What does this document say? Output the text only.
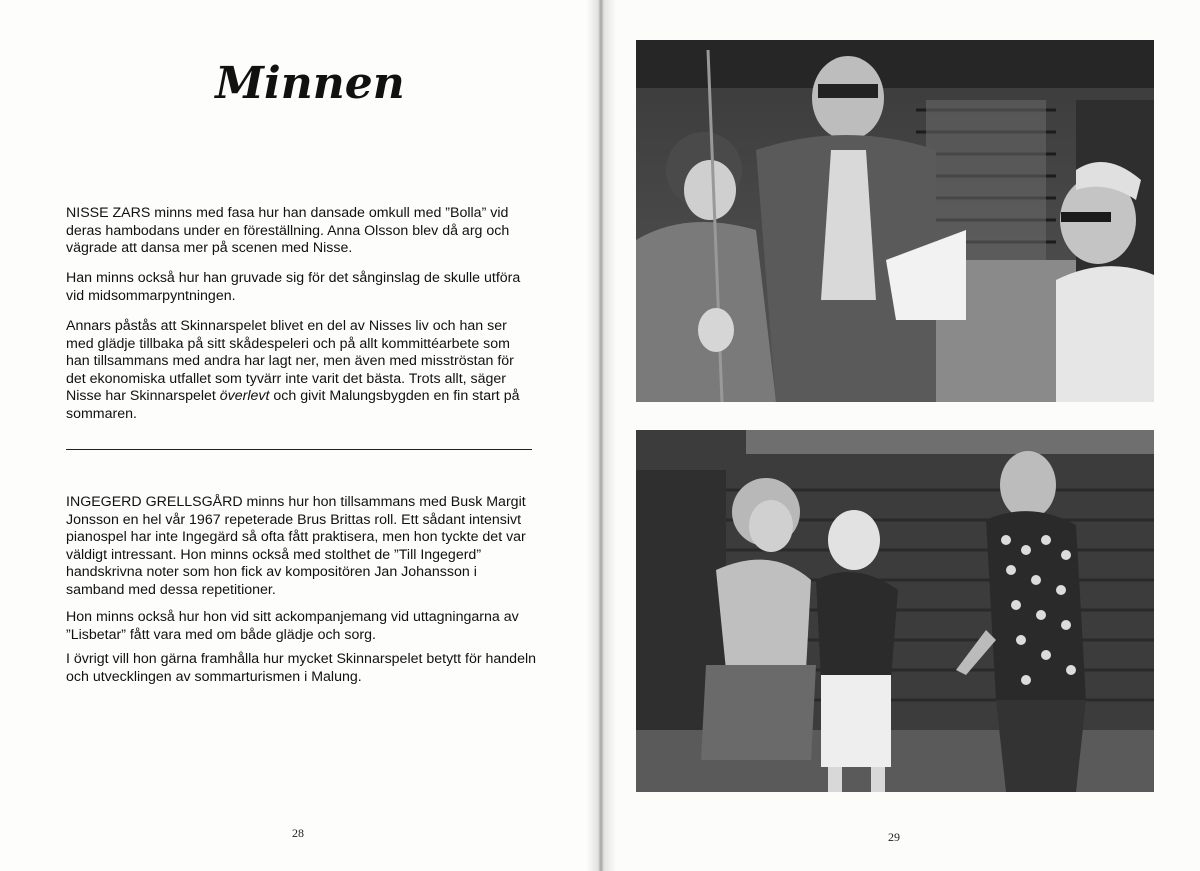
Minnen

NISSE ZARS minns med fasa hur han dansade omkull med ”Bolla” vid deras hambodans under en föreställning. Anna Olsson blev då arg och vägrade att dansa mer på scenen med Nisse.

Han minns också hur han gruvade sig för det sånginslag de skulle utföra vid midsommarpyntningen.

Annars påstås att Skinnarspelet blivet en del av Nisses liv och han ser med glädje tillbaka på sitt skådespeleri och på allt kommittéarbete som han tillsammans med andra har lagt ner, men även med misströstan för det ekonomiska utfallet som tyvärr inte varit det bästa. Trots allt, säger Nisse har Skinnarspelet överlevt och givit Malungsbygden en fin start på sommaren.

INGEGERD GRELLSGÅRD minns hur hon tillsammans med Busk Margit Jonsson en hel vår 1967 repeterade Brus Brittas roll. Ett sådant intensivt pianospel har inte Ingegärd så ofta fått praktisera, men hon tyckte det var väldigt intressant. Hon minns också med stolthet de ”Till Ingegerd” handskrivna noter som hon fick av kompositören Jan Johansson i samband med dessa repetitioner.

Hon minns också hur hon vid sitt ackompanjemang vid uttagningarna av ”Lisbetar” fått vara med om både glädje och sorg.

I övrigt vill hon gärna framhålla hur mycket Skinnarspelet betytt för handeln och utvecklingen av sommarturismen i Malung.

28	29
